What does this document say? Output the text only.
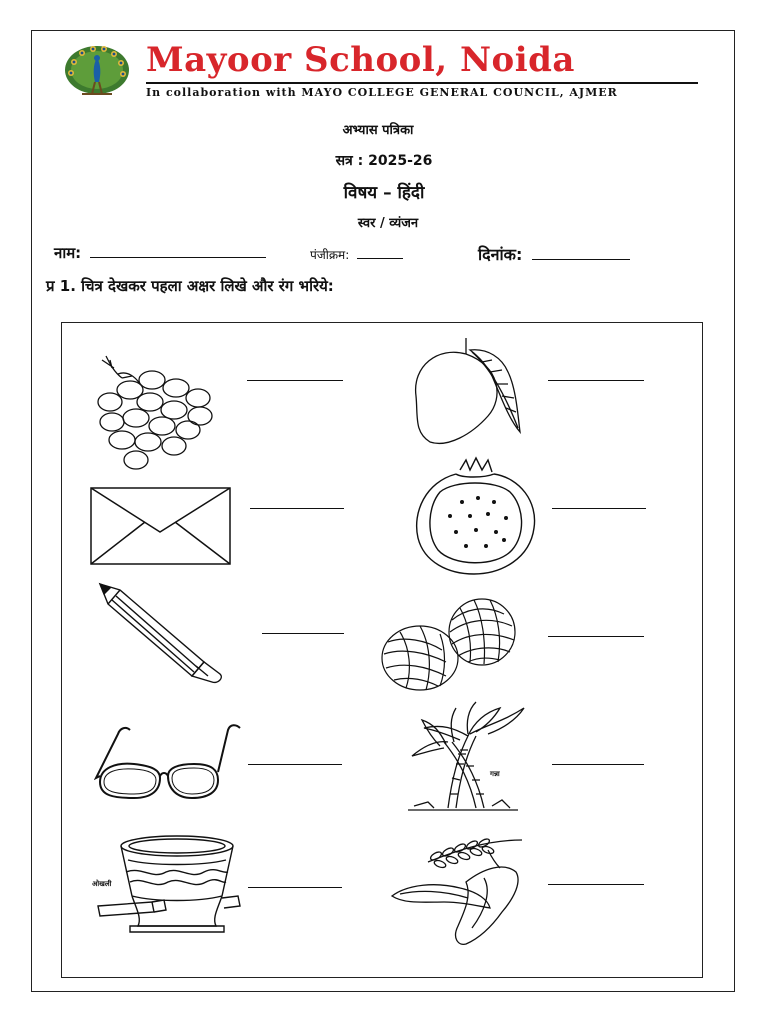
Mayoor School, Noida
In collaboration with MAYO COLLEGE GENERAL COUNCIL, AJMER
अभ्यास पत्रिका
सत्र : 2025-26
विषय – हिंदी
स्वर / व्यंजन
नाम:	पंजीक्रम:	दिनांक:
प्र 1. चित्र देखकर पहला अक्षर लिखे और रंग भरिये:
गन्ना
ओखली
